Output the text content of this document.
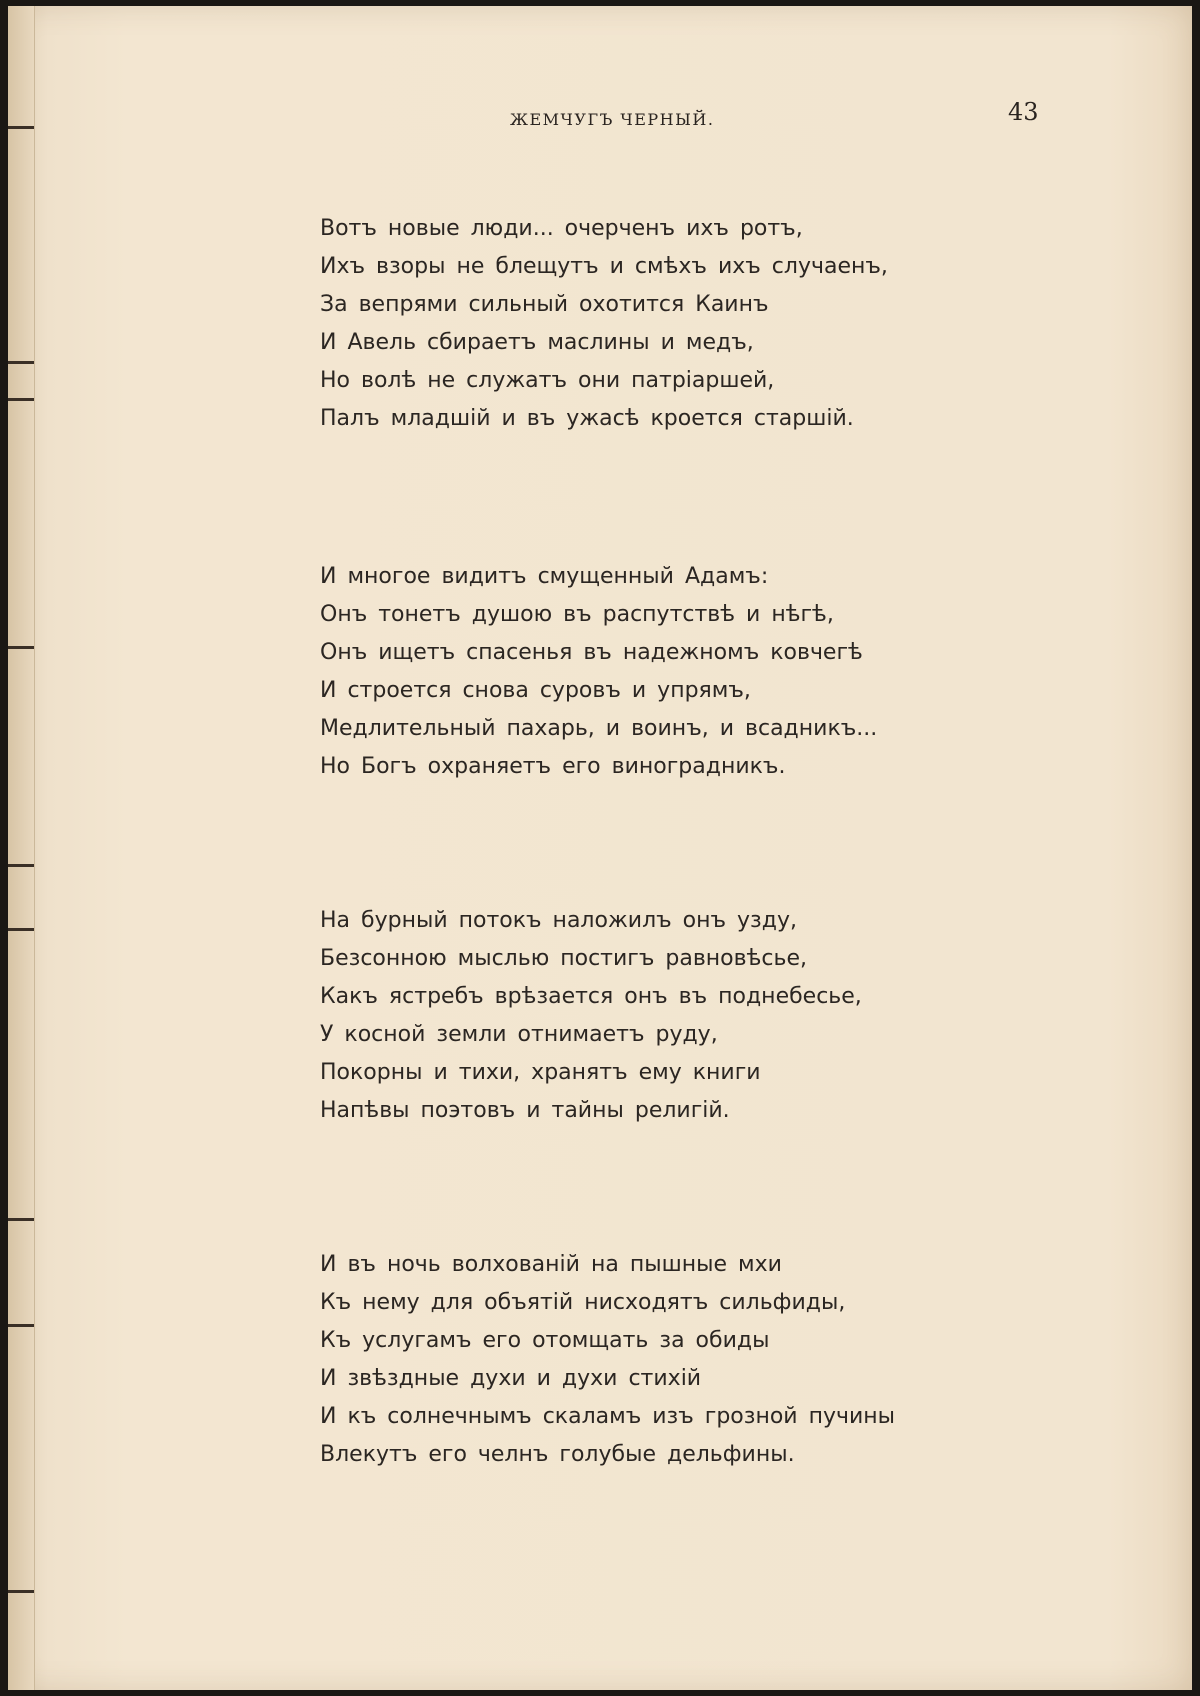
ЖЕМЧУГЪ ЧЕРНЫЙ.	43
Вотъ новые люди... очерченъ ихъ ротъ,
Ихъ взоры не блещутъ и смѣхъ ихъ случаенъ,
За вепрями сильный охотится Каинъ
И Авель сбираетъ маслины и медъ,
Но волѣ не служатъ они патріаршей,
Палъ младшій и въ ужасѣ кроется старшій.
И многое видитъ смущенный Адамъ:
Онъ тонетъ душою въ распутствѣ и нѣгѣ,
Онъ ищетъ спасенья въ надежномъ ковчегѣ
И строется снова суровъ и упрямъ,
Медлительный пахарь, и воинъ, и всадникъ...
Но Богъ охраняетъ его виноградникъ.
На бурный потокъ наложилъ онъ узду,
Безсонною мыслью постигъ равновѣсье,
Какъ ястребъ врѣзается онъ въ поднебесье,
У косной земли отнимаетъ руду,
Покорны и тихи, хранятъ ему книги
Напѣвы поэтовъ и тайны религій.
И въ ночь волхованій на пышные мхи
Къ нему для объятій нисходятъ сильфиды,
Къ услугамъ его отомщать за обиды
И звѣздные духи и духи стихій
И къ солнечнымъ скаламъ изъ грозной пучины
Влекутъ его челнъ голубые дельфины.
